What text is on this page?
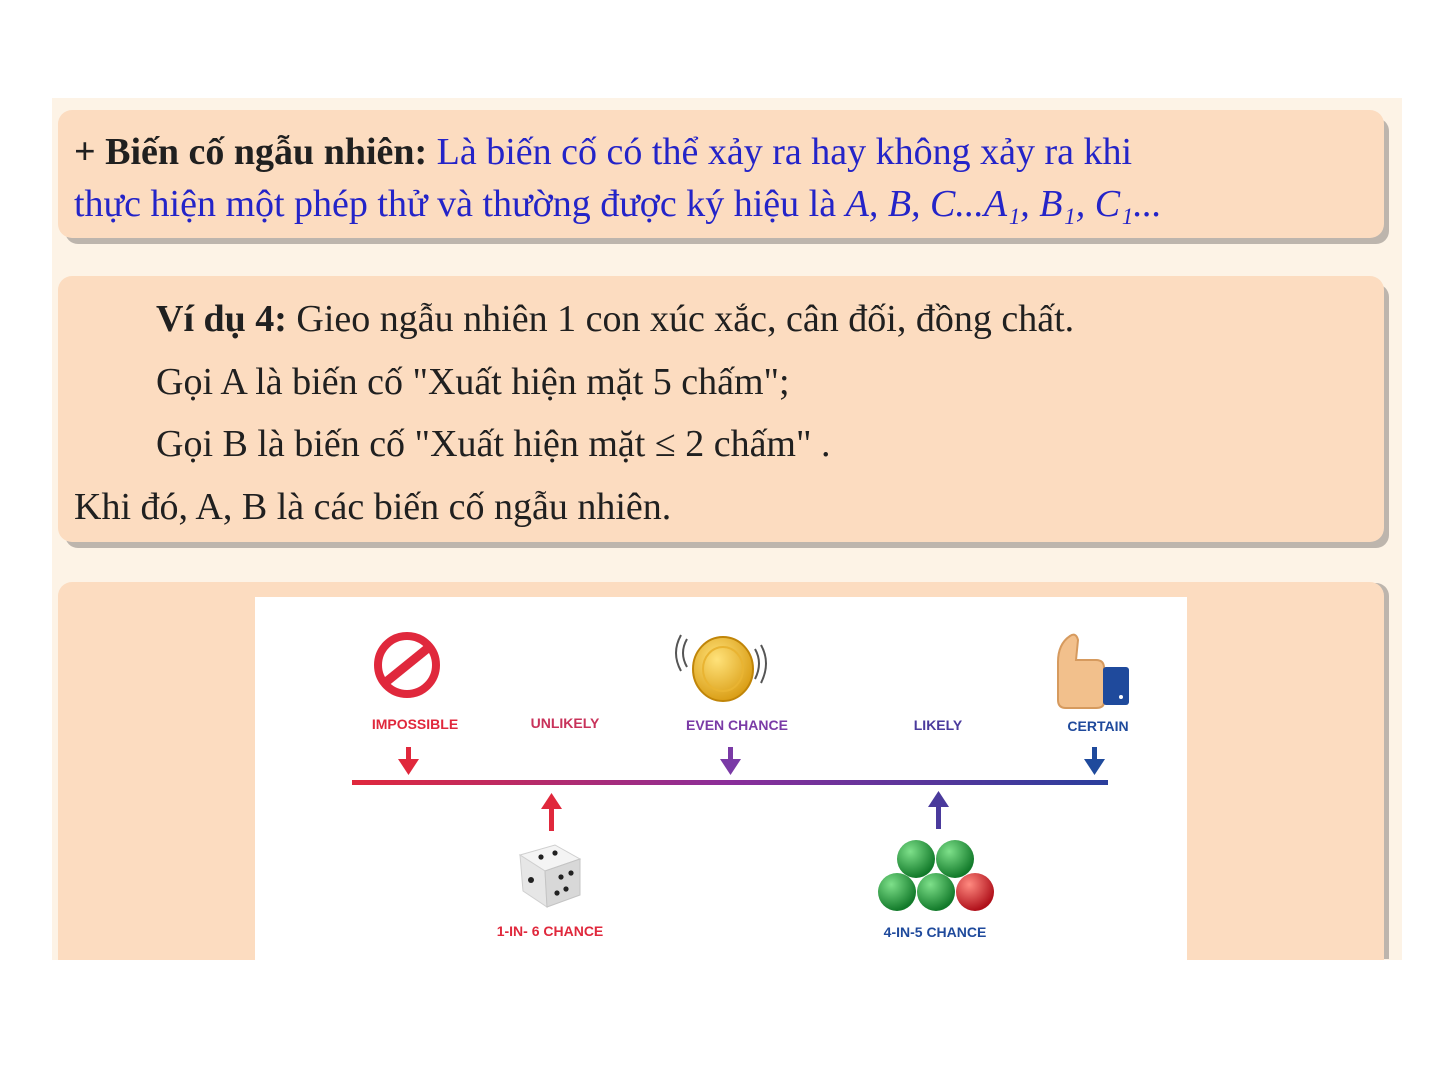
+ Biến cố ngẫu nhiên: Là biến cố có thể xảy ra hay không xảy ra khi
thực hiện một phép thử và thường được ký hiệu là A, B, C...A₁, B₁, C₁...
Ví dụ 4: Gieo ngẫu nhiên 1 con xúc xắc, cân đối, đồng chất.
Gọi A là biến cố "Xuất hiện mặt 5 chấm";
Gọi B là biến cố "Xuất hiện mặt ≤ 2 chấm" .
Khi đó, A, B là các biến cố ngẫu nhiên.
IMPOSSIBLE	UNLIKELY
1-IN- 6 CHANCE
EVEN CHANCE	LIKELY
4-IN-5 CHANCE
CERTAIN
